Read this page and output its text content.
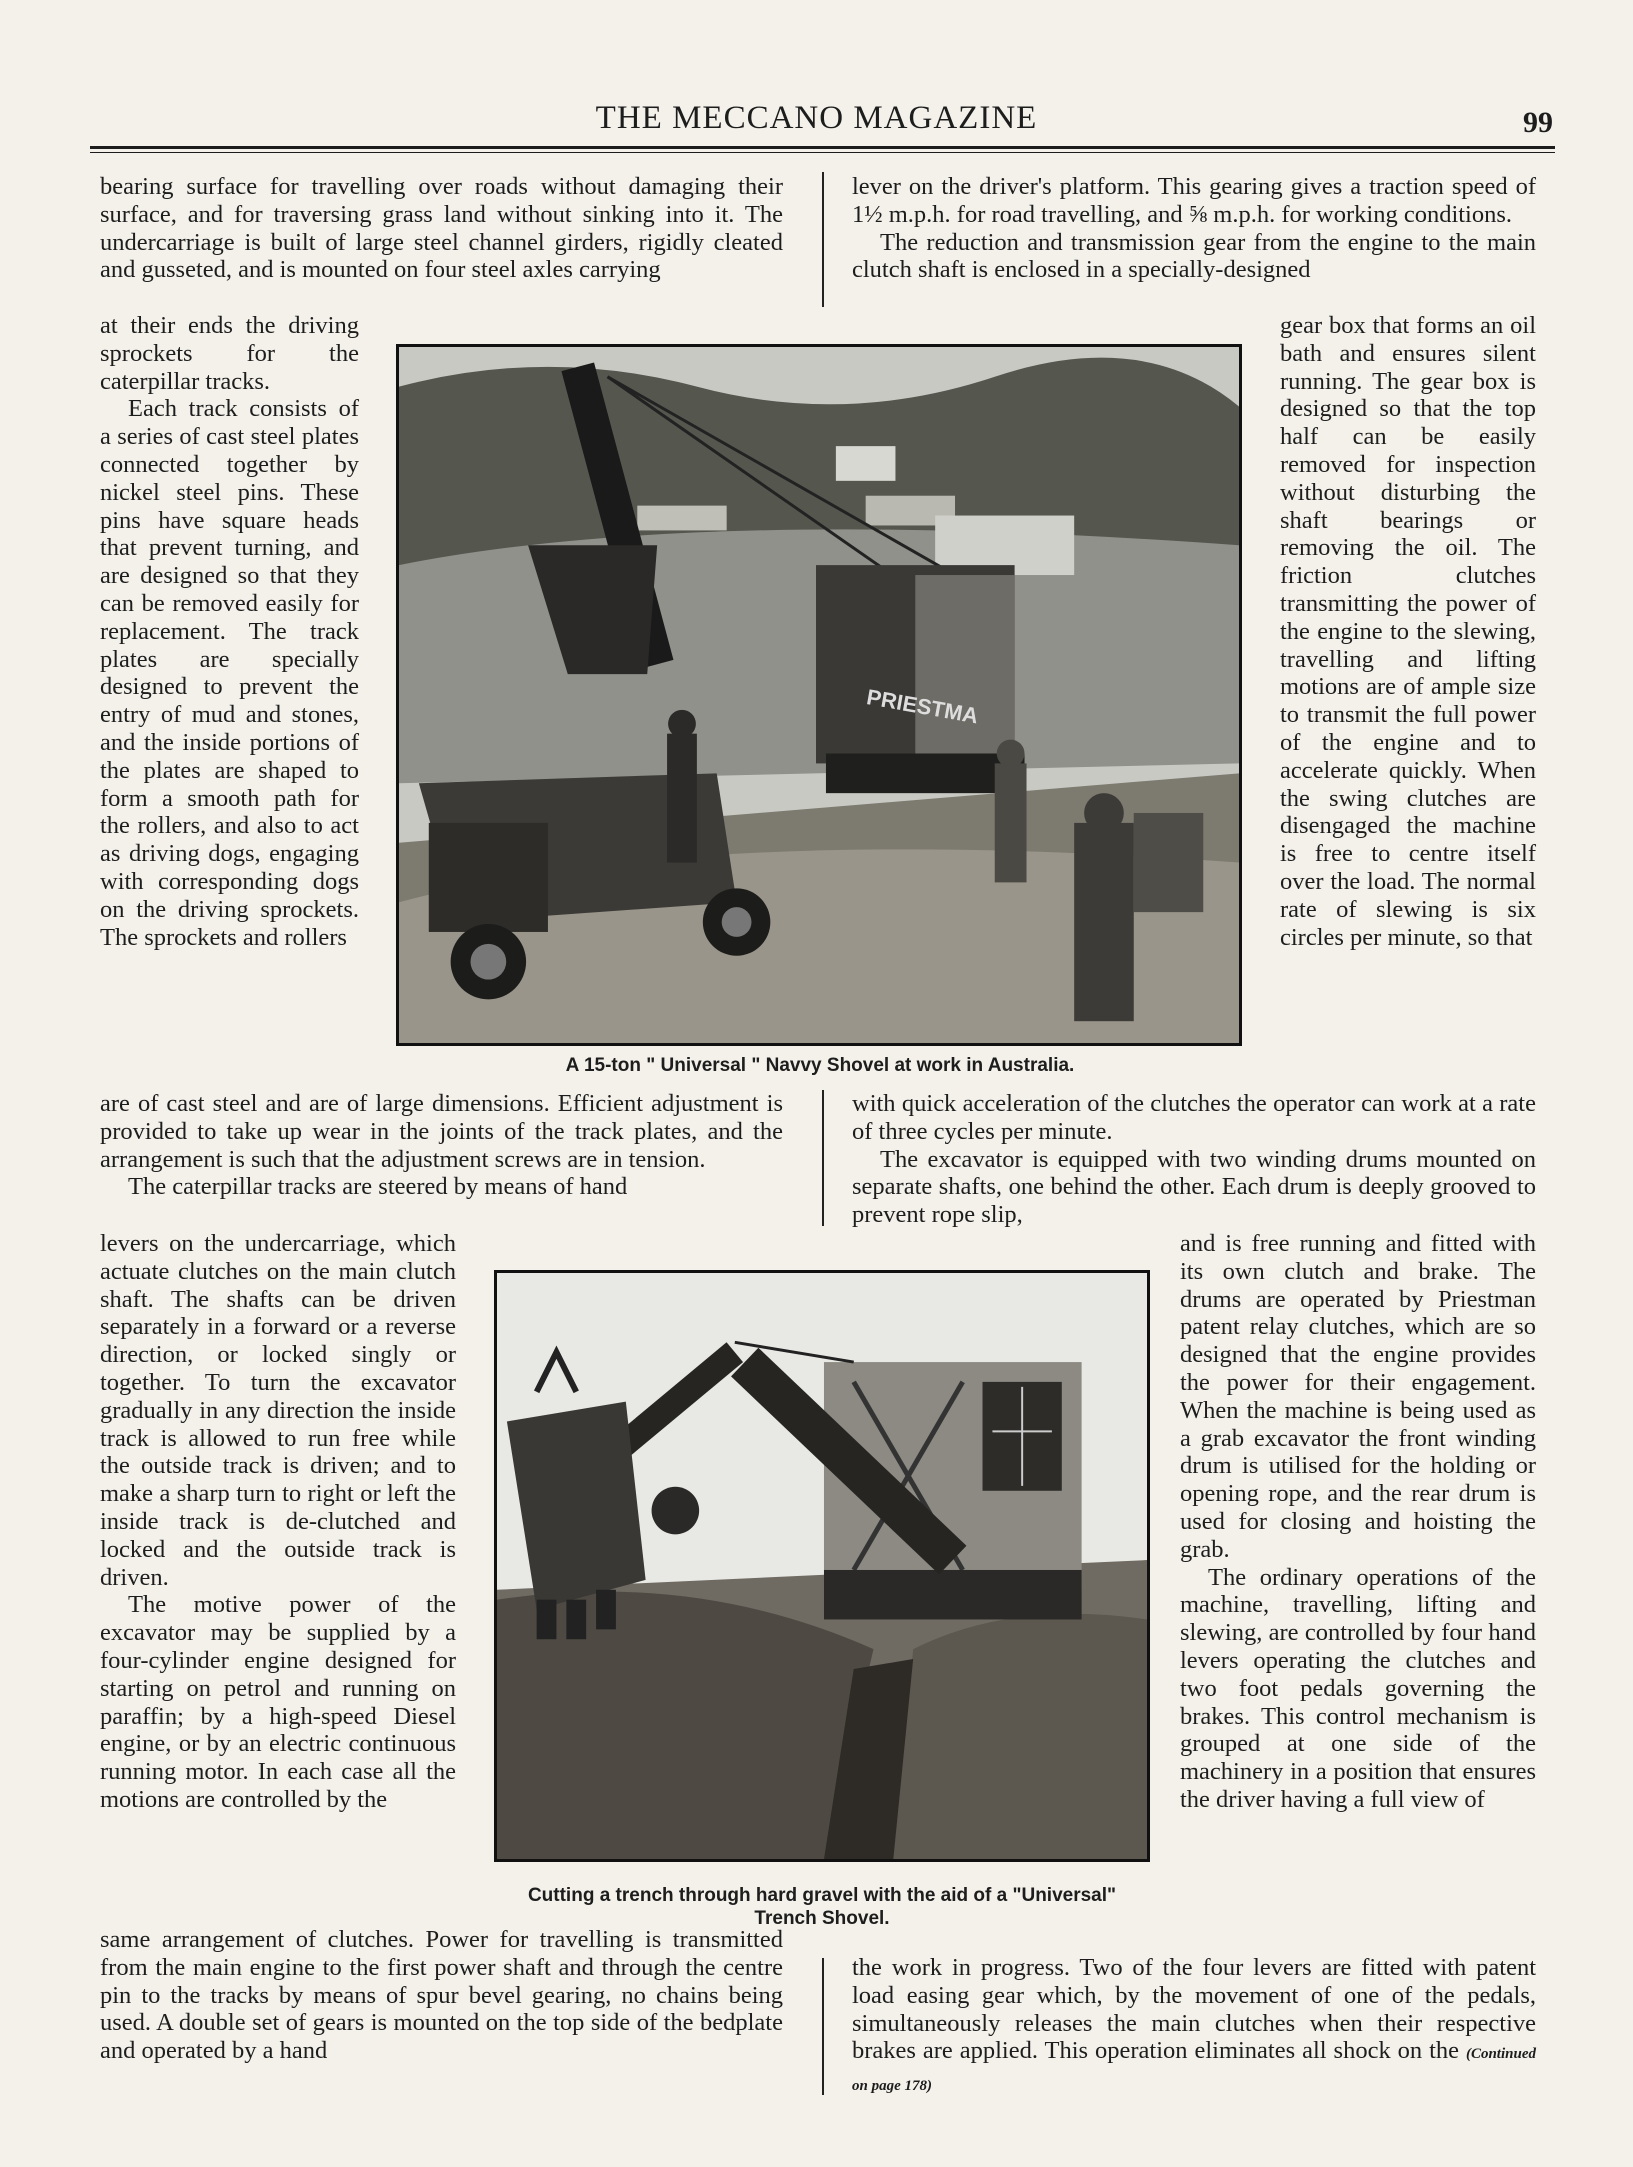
THE MECCANO MAGAZINE	99
bearing surface for travelling over roads without damaging their surface, and for traversing grass land without sinking into it. The undercarriage is built of large steel channel girders, rigidly cleated and gusseted, and is mounted on four steel axles carrying

at their ends the driving sprockets for the caterpillar tracks.

Each track consists of a series of cast steel plates connected together by nickel steel pins. These pins have square heads that prevent turning, and are designed so that they can be removed easily for replacement. The track plates are specially designed to prevent the entry of mud and stones, and the inside portions of the plates are shaped to form a smooth path for the rollers, and also to act as driving dogs, engaging with corresponding dogs on the driving sprockets. The sprockets and rollers

PRIESTMA
A 15-ton " Universal " Navvy Shovel at work in Australia.

lever on the driver's platform. This gearing gives a traction speed of 1½ m.p.h. for road travelling, and ⅝ m.p.h. for working conditions.

The reduction and transmission gear from the engine to the main clutch shaft is enclosed in a specially-designed

gear box that forms an oil bath and ensures silent running. The gear box is designed so that the top half can be easily removed for inspection without disturbing the shaft bearings or removing the oil. The friction clutches transmitting the power of the engine to the slewing, travelling and lifting motions are of ample size to transmit the full power of the engine and to accelerate quickly. When the swing clutches are disengaged the machine is free to centre itself over the load. The normal rate of slewing is six circles per minute, so that

are of cast steel and are of large dimensions. Efficient adjustment is provided to take up wear in the joints of the track plates, and the arrangement is such that the adjustment screws are in tension.

The caterpillar tracks are steered by means of hand

with quick acceleration of the clutches the operator can work at a rate of three cycles per minute.

The excavator is equipped with two winding drums mounted on separate shafts, one behind the other. Each drum is deeply grooved to prevent rope slip,

levers on the undercarriage, which actuate clutches on the main clutch shaft. The shafts can be driven separately in a forward or a reverse direction, or locked singly or together. To turn the excavator gradually in any direction the inside track is allowed to run free while the outside track is driven; and to make a sharp turn to right or left the inside track is de-clutched and locked and the outside track is driven.

The motive power of the excavator may be supplied by a four-cylinder engine designed for starting on petrol and running on paraffin; by a high-speed Diesel engine, or by an electric continuous running motor. In each case all the motions are controlled by the

Cutting a trench through hard gravel with the aid of a "Universal"
Trench Shovel.

and is free running and fitted with its own clutch and brake. The drums are operated by Priestman patent relay clutches, which are so designed that the engine provides the power for their engagement. When the machine is being used as a grab excavator the front winding drum is utilised for the holding or opening rope, and the rear drum is used for closing and hoisting the grab.

The ordinary operations of the machine, travelling, lifting and slewing, are controlled by four hand levers operating the clutches and two foot pedals governing the brakes. This control mechanism is grouped at one side of the machinery in a position that ensures the driver having a full view of

same arrangement of clutches. Power for travelling is transmitted from the main engine to the first power shaft and through the centre pin to the tracks by means of spur bevel gearing, no chains being used. A double set of gears is mounted on the top side of the bedplate and operated by a hand
the work in progress. Two of the four levers are fitted with patent load easing gear which, by the movement of one of the pedals, simultaneously releases the main clutches when their respective brakes are applied. This operation eliminates all shock on the (Continued on page 178)
